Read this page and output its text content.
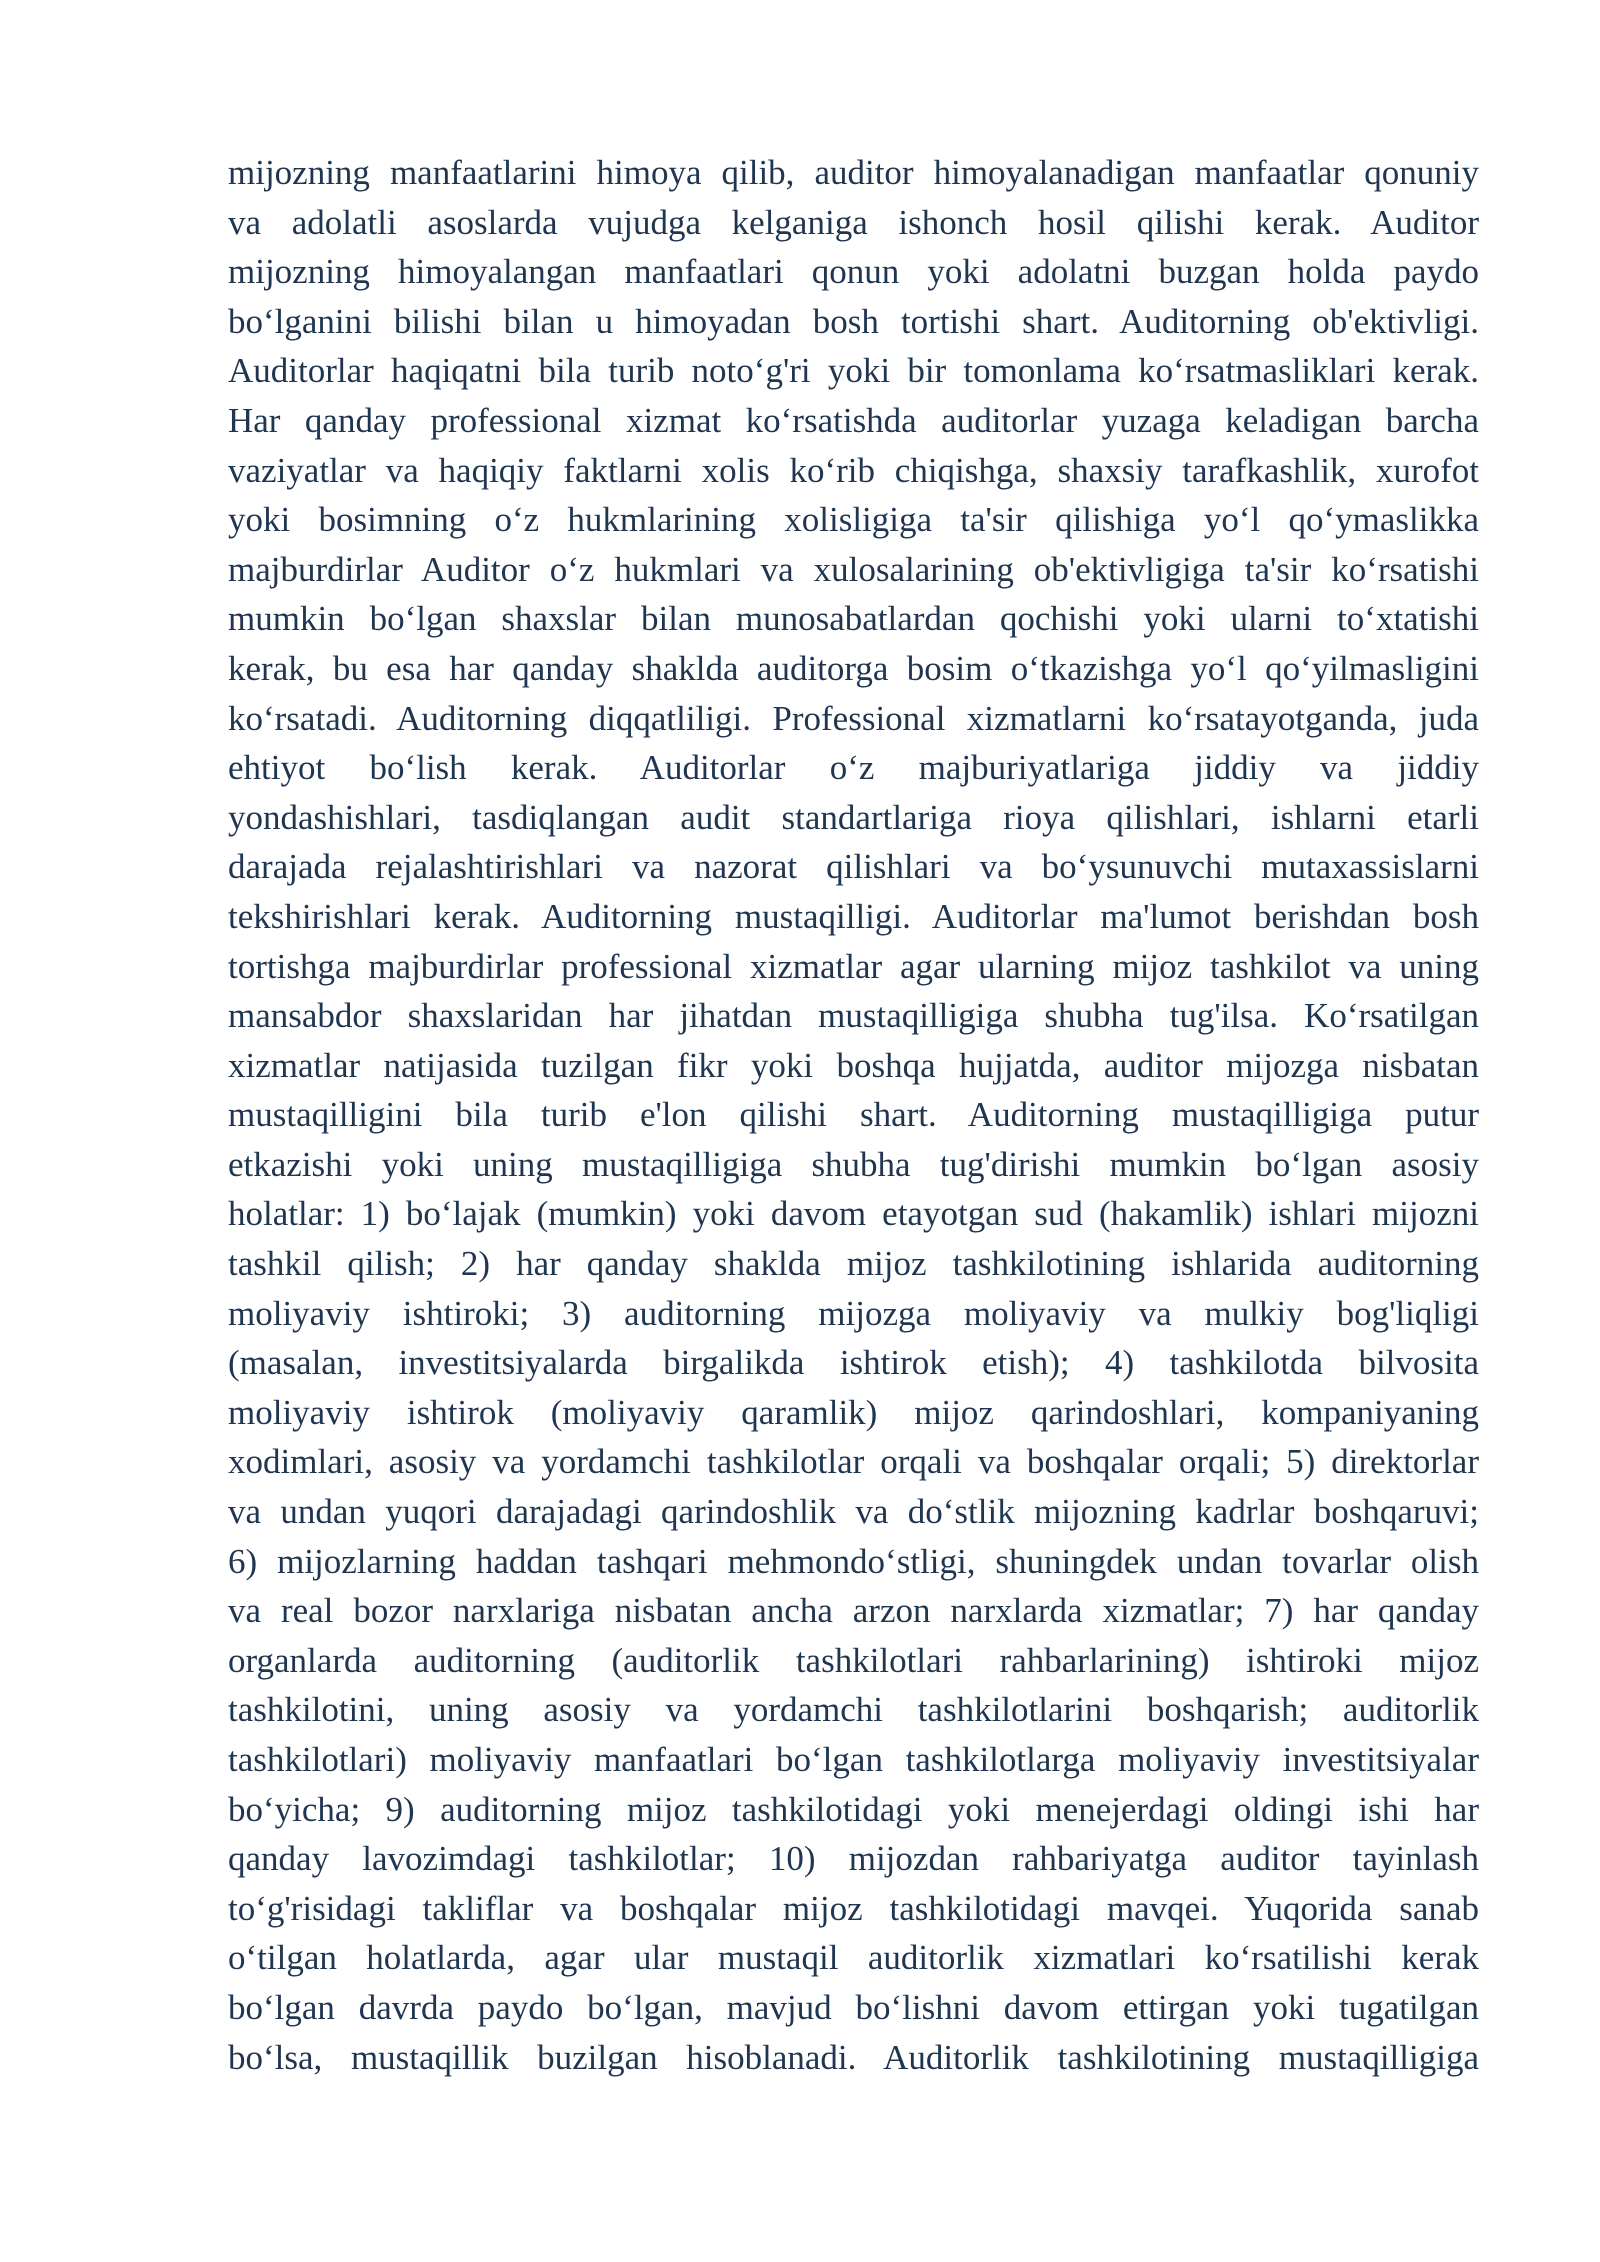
mijozning manfaatlarini himoya qilib, auditor himoyalanadigan manfaatlar qonuniy
va adolatli asoslarda vujudga kelganiga ishonch hosil qilishi kerak. Auditor
mijozning himoyalangan manfaatlari qonun yoki adolatni buzgan holda paydo
bo‘lganini bilishi bilan u himoyadan bosh tortishi shart. Auditorning ob'ektivligi.
Auditorlar haqiqatni bila turib noto‘g'ri yoki bir tomonlama ko‘rsatmasliklari kerak.
Har qanday professional xizmat ko‘rsatishda auditorlar yuzaga keladigan barcha
vaziyatlar va haqiqiy faktlarni xolis ko‘rib chiqishga, shaxsiy tarafkashlik, xurofot
yoki bosimning o‘z hukmlarining xolisligiga ta'sir qilishiga yo‘l qo‘ymaslikka
majburdirlar Auditor o‘z hukmlari va xulosalarining ob'ektivligiga ta'sir ko‘rsatishi
mumkin bo‘lgan shaxslar bilan munosabatlardan qochishi yoki ularni to‘xtatishi
kerak, bu esa har qanday shaklda auditorga bosim o‘tkazishga yo‘l qo‘yilmasligini
ko‘rsatadi. Auditorning diqqatliligi. Professional xizmatlarni ko‘rsatayotganda, juda
ehtiyot bo‘lish kerak. Auditorlar o‘z majburiyatlariga jiddiy va jiddiy
yondashishlari, tasdiqlangan audit standartlariga rioya qilishlari, ishlarni etarli
darajada rejalashtirishlari va nazorat qilishlari va bo‘ysunuvchi mutaxassislarni
tekshirishlari kerak. Auditorning mustaqilligi. Auditorlar ma'lumot berishdan bosh
tortishga majburdirlar professional xizmatlar agar ularning mijoz tashkilot va uning
mansabdor shaxslaridan har jihatdan mustaqilligiga shubha tug'ilsa. Ko‘rsatilgan
xizmatlar natijasida tuzilgan fikr yoki boshqa hujjatda, auditor mijozga nisbatan
mustaqilligini bila turib e'lon qilishi shart. Auditorning mustaqilligiga putur
etkazishi yoki uning mustaqilligiga shubha tug'dirishi mumkin bo‘lgan asosiy
holatlar: 1) bo‘lajak (mumkin) yoki davom etayotgan sud (hakamlik) ishlari mijozni
tashkil qilish; 2) har qanday shaklda mijoz tashkilotining ishlarida auditorning
moliyaviy ishtiroki; 3) auditorning mijozga moliyaviy va mulkiy bog'liqligi
(masalan, investitsiyalarda birgalikda ishtirok etish); 4) tashkilotda bilvosita
moliyaviy ishtirok (moliyaviy qaramlik) mijoz qarindoshlari, kompaniyaning
xodimlari, asosiy va yordamchi tashkilotlar orqali va boshqalar orqali; 5) direktorlar
va undan yuqori darajadagi qarindoshlik va do‘stlik mijozning kadrlar boshqaruvi;
6) mijozlarning haddan tashqari mehmondo‘stligi, shuningdek undan tovarlar olish
va real bozor narxlariga nisbatan ancha arzon narxlarda xizmatlar; 7) har qanday
organlarda auditorning (auditorlik tashkilotlari rahbarlarining) ishtiroki mijoz
tashkilotini, uning asosiy va yordamchi tashkilotlarini boshqarish; auditorlik
tashkilotlari) moliyaviy manfaatlari bo‘lgan tashkilotlarga moliyaviy investitsiyalar
bo‘yicha; 9) auditorning mijoz tashkilotidagi yoki menejerdagi oldingi ishi har
qanday lavozimdagi tashkilotlar; 10) mijozdan rahbariyatga auditor tayinlash
to‘g'risidagi takliflar va boshqalar mijoz tashkilotidagi mavqei. Yuqorida sanab
o‘tilgan holatlarda, agar ular mustaqil auditorlik xizmatlari ko‘rsatilishi kerak
bo‘lgan davrda paydo bo‘lgan, mavjud bo‘lishni davom ettirgan yoki tugatilgan
bo‘lsa, mustaqillik buzilgan hisoblanadi. Auditorlik tashkilotining mustaqilligiga
